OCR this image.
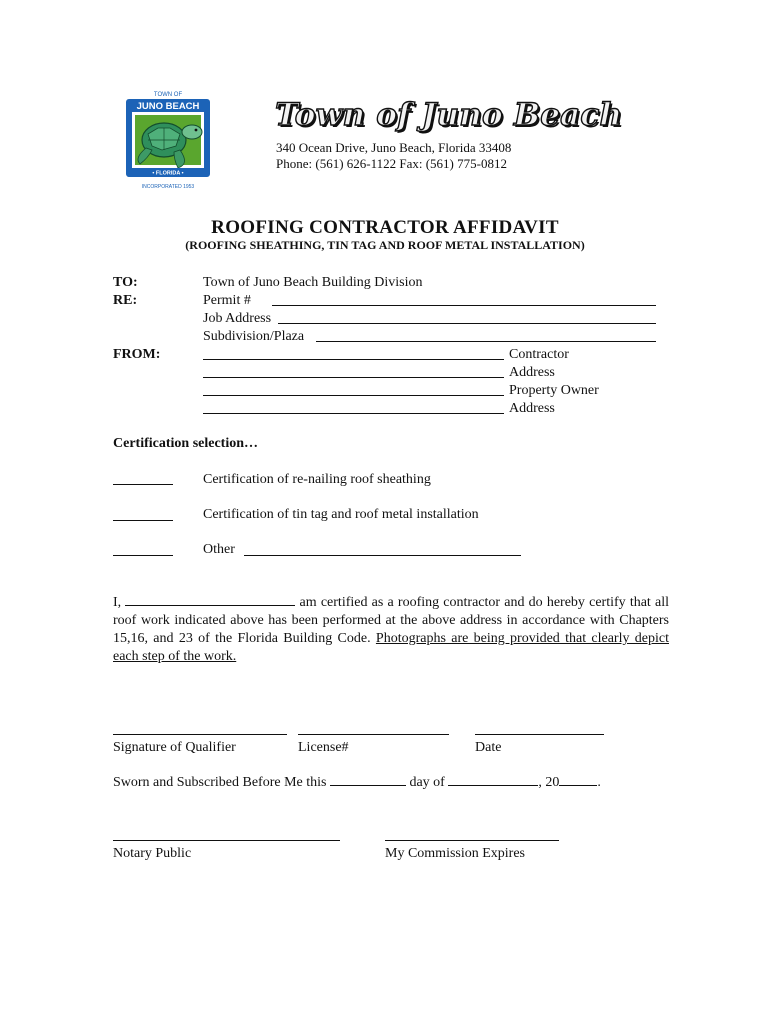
TOWN OF
JUNO BEACH
• FLORIDA •
INCORPORATED 1953
Town of Juno Beach
340 Ocean Drive, Juno Beach, Florida 33408
Phone: (561) 626-1122 Fax: (561) 775-0812
ROOFING CONTRACTOR AFFIDAVIT
(ROOFING SHEATHING, TIN TAG AND ROOF METAL INSTALLATION)
TO:	Town of Juno Beach Building Division
RE:	Permit #
Job Address
Subdivision/Plaza
FROM:	Contractor
Address
Property Owner
Address
Certification selection…
Certification of re-nailing roof sheathing
Certification of tin tag and roof metal installation
Other
I,	am certified as a roofing contractor and do hereby certify that all roof work indicated above has been performed at the above address in accordance with Chapters 15,16, and 23 of the Florida Building Code. Photographs are being provided that clearly depict each step of the work.
Signature of Qualifier	License#	Date
Sworn and Subscribed Before Me this	day of	, 20	.
Notary Public	My Commission Expires
